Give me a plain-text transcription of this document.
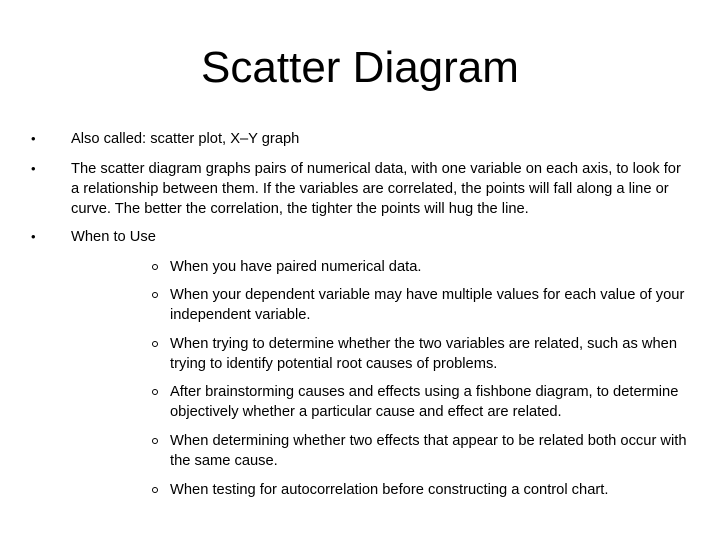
Scatter Diagram
• Also called: scatter plot, X–Y graph
• The scatter diagram graphs pairs of numerical data, with one variable on each axis, to look for a relationship between them. If the variables are correlated, the points will fall along a line or curve. The better the correlation, the tighter the points will hug the line.
• When to Use
When you have paired numerical data.
When your dependent variable may have multiple values for each value of your independent variable.
When trying to determine whether the two variables are related, such as when trying to identify potential root causes of problems.
After brainstorming causes and effects using a fishbone diagram, to determine objectively whether a particular cause and effect are related.
When determining whether two effects that appear to be related both occur with the same cause.
When testing for autocorrelation before constructing a control chart.
